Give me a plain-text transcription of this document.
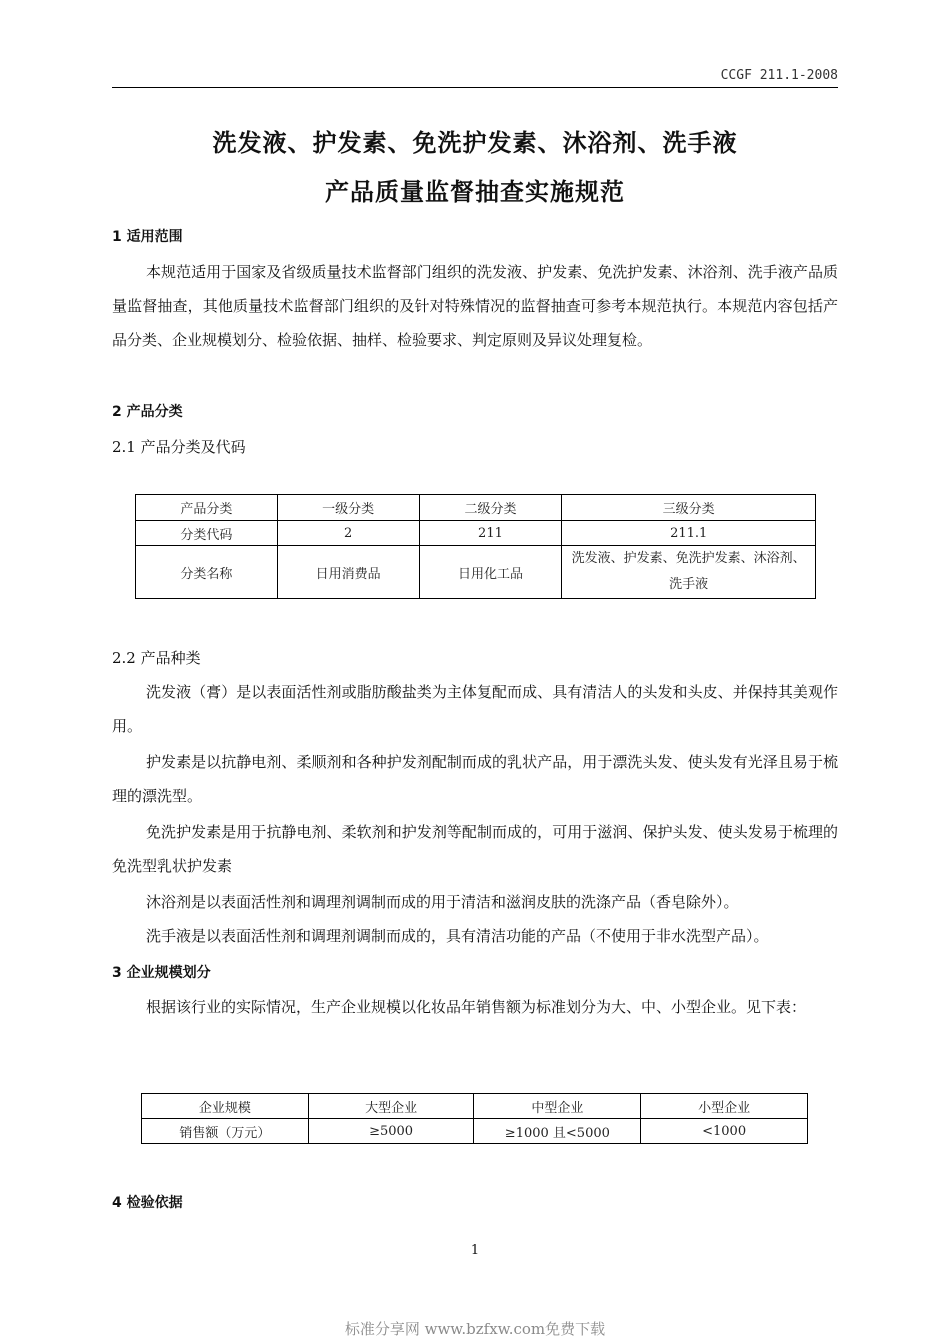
CCGF 211.1-2008
洗发液、护发素、免洗护发素、沐浴剂、洗手液
产品质量监督抽查实施规范
1 适用范围
本规范适用于国家及省级质量技术监督部门组织的洗发液、护发素、免洗护发素、沐浴剂、洗手液产品质量监督抽查，其他质量技术监督部门组织的及针对特殊情况的监督抽查可参考本规范执行。本规范内容包括产品分类、企业规模划分、检验依据、抽样、检验要求、判定原则及异议处理复检。
2 产品分类
2.1 产品分类及代码
产品分类	一级分类	二级分类	三级分类
分类代码	2	211	211.1
分类名称	日用消费品	日用化工品	洗发液、护发素、免洗护发素、沐浴剂、洗手液
2.2 产品种类
洗发液（膏）是以表面活性剂或脂肪酸盐类为主体复配而成、具有清洁人的头发和头皮、并保持其美观作用。
护发素是以抗静电剂、柔顺剂和各种护发剂配制而成的乳状产品，用于漂洗头发、使头发有光泽且易于梳理的漂洗型。
免洗护发素是用于抗静电剂、柔软剂和护发剂等配制而成的，可用于滋润、保护头发、使头发易于梳理的免洗型乳状护发素
沐浴剂是以表面活性剂和调理剂调制而成的用于清洁和滋润皮肤的洗涤产品（香皂除外）。
洗手液是以表面活性剂和调理剂调制而成的，具有清洁功能的产品（不使用于非水洗型产品）。
3 企业规模划分
根据该行业的实际情况，生产企业规模以化妆品年销售额为标准划分为大、中、小型企业。见下表：
企业规模	大型企业	中型企业	小型企业
销售额（万元）	≥5000	≥1000 且<5000	<1000
4 检验依据
1
标准分享网 www.bzfxw.com免费下载
